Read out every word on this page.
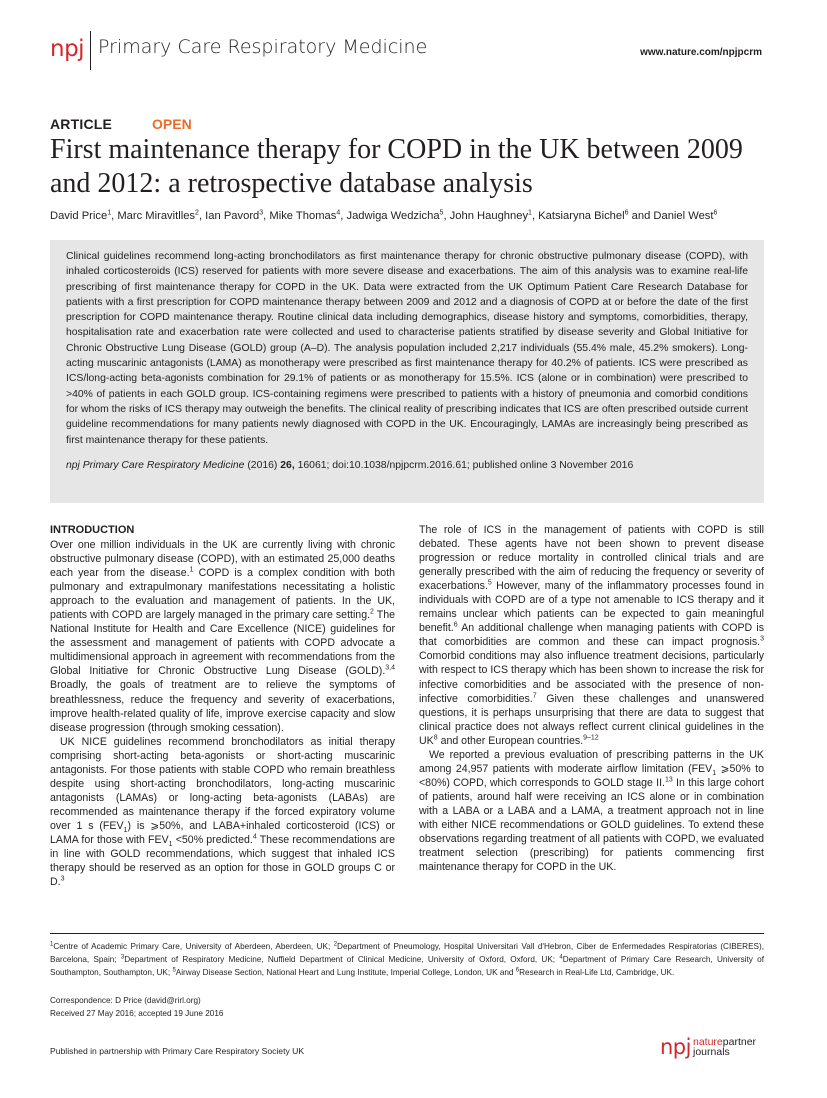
npj Primary Care Respiratory Medicine	www.nature.com/npjpcrm
ARTICLE	OPEN
First maintenance therapy for COPD in the UK between 2009 and 2012: a retrospective database analysis
David Price$^1$, Marc Miravitlles$^2$, Ian Pavord$^3$, Mike Thomas$^4$, Jadwiga Wedzicha$^5$, John Haughney$^1$, Katsiaryna Bichel$^6$ and Daniel West$^6$
Clinical guidelines recommend long-acting bronchodilators as first maintenance therapy for chronic obstructive pulmonary disease (COPD), with inhaled corticosteroids (ICS) reserved for patients with more severe disease and exacerbations. The aim of this analysis was to examine real-life prescribing of first maintenance therapy for COPD in the UK. Data were extracted from the UK Optimum Patient Care Research Database for patients with a first prescription for COPD maintenance therapy between 2009 and 2012 and a diagnosis of COPD at or before the date of the first prescription for COPD maintenance therapy. Routine clinical data including demographics, disease history and symptoms, comorbidities, therapy, hospitalisation rate and exacerbation rate were collected and used to characterise patients stratified by disease severity and Global Initiative for Chronic Obstructive Lung Disease (GOLD) group (A–D). The analysis population included 2,217 individuals (55.4% male, 45.2% smokers). Long-acting muscarinic antagonists (LAMA) as monotherapy were prescribed as first maintenance therapy for 40.2% of patients. ICS were prescribed as ICS/long-acting beta-agonists combination for 29.1% of patients or as monotherapy for 15.5%. ICS (alone or in combination) were prescribed to >40% of patients in each GOLD group. ICS-containing regimens were prescribed to patients with a history of pneumonia and comorbid conditions for whom the risks of ICS therapy may outweigh the benefits. The clinical reality of prescribing indicates that ICS are often prescribed outside current guideline recommendations for many patients newly diagnosed with COPD in the UK. Encouragingly, LAMAs are increasingly being prescribed as first maintenance therapy for these patients.
npj Primary Care Respiratory Medicine (2016) 26, 16061; doi:10.1038/npjpcrm.2016.61; published online 3 November 2016
INTRODUCTION

Over one million individuals in the UK are currently living with chronic obstructive pulmonary disease (COPD), with an estimated 25,000 deaths each year from the disease.$^1$ COPD is a complex condition with both pulmonary and extrapulmonary manifestations necessitating a holistic approach to the evaluation and management of patients. In the UK, patients with COPD are largely managed in the primary care setting.$^2$ The National Institute for Health and Care Excellence (NICE) guidelines for the assessment and management of patients with COPD advocate a multidimensional approach in agreement with recommendations from the Global Initiative for Chronic Obstructive Lung Disease (GOLD).$^{3,4}$ Broadly, the goals of treatment are to relieve the symptoms of breathlessness, reduce the frequency and severity of exacerbations, improve health-related quality of life, improve exercise capacity and slow disease progression (through smoking cessation).

UK NICE guidelines recommend bronchodilators as initial therapy comprising short-acting beta-agonists or short-acting muscarinic antagonists. For those patients with stable COPD who remain breathless despite using short-acting bronchodilators, long-acting muscarinic antagonists (LAMAs) or long-acting beta-agonists (LABAs) are recommended as maintenance therapy if the forced expiratory volume over 1 s $(FEV_1)$ is ⩾50%, and LABA+inhaled corticosteroid (ICS) or LAMA for those with $FEV_1 <50\%$ predicted.$^4$ These recommendations are in line with GOLD recommendations, which suggest that inhaled ICS therapy should be reserved as an option for those in GOLD groups C or D.$^3$

The role of ICS in the management of patients with COPD is still debated. These agents have not been shown to prevent disease progression or reduce mortality in controlled clinical trials and are generally prescribed with the aim of reducing the frequency or severity of exacerbations.$^5$ However, many of the inflammatory processes found in individuals with COPD are of a type not amenable to ICS therapy and it remains unclear which patients can be expected to gain meaningful benefit.$^6$ An additional challenge when managing patients with COPD is that comorbidities are common and these can impact prognosis.$^3$ Comorbid conditions may also influence treatment decisions, particularly with respect to ICS therapy which has been shown to increase the risk for infective comorbidities and be associated with the presence of non-infective comorbidities.$^7$ Given these challenges and unanswered questions, it is perhaps unsurprising that there are data to suggest that clinical practice does not always reflect current clinical guidelines in the $UK^8$ and other European countries.$^{9-12}$

We reported a previous evaluation of prescribing patterns in the UK among 24,957 patients with moderate airflow limitation ($FEV_1$ ⩾50% to <80%) COPD, which corresponds to GOLD stage II.$^{13}$ In this large cohort of patients, around half were receiving an ICS alone or in combination with a LABA or a LABA and a LAMA, a treatment approach not in line with either NICE recommendations or GOLD guidelines. To extend these observations regarding treatment of all patients with COPD, we evaluated treatment selection (prescribing) for patients commencing first maintenance therapy for COPD in the UK.

$^1$Centre of Academic Primary Care, University of Aberdeen, Aberdeen, UK; $^2$Department of Pneumology, Hospital Universitari Vall d'Hebron, Ciber de Enfermedades Respiratorias (CIBERES), Barcelona, Spain; $^3$Department of Respiratory Medicine, Nuffield Department of Clinical Medicine, University of Oxford, Oxford, UK; $^4$Department of Primary Care Research, University of Southampton, Southampton, UK; $^5$Airway Disease Section, National Heart and Lung Institute, Imperial College, London, UK and $^6$Research in Real-Life Ltd, Cambridge, UK.
Correspondence: D Price (david@rirl.org)
Received 27 May 2016; accepted 19 June 2016
Published in partnership with Primary Care Respiratory Society UK	npj naturepartner
journals
